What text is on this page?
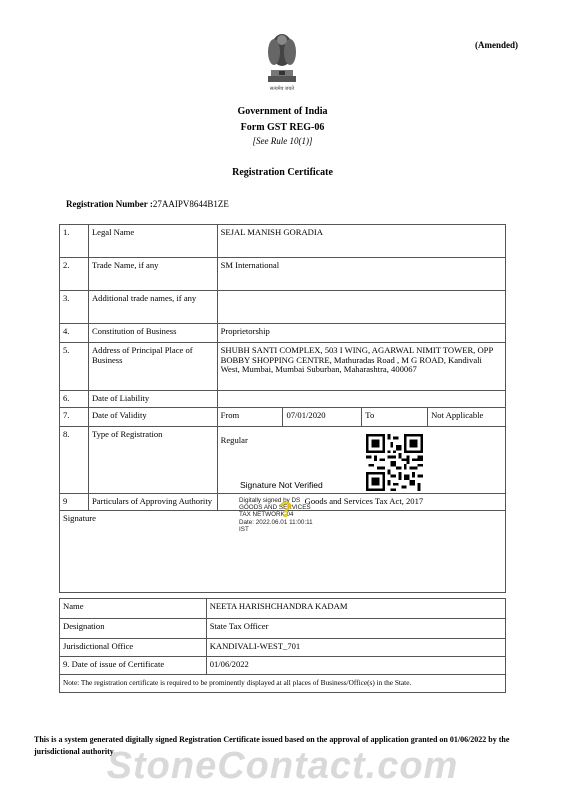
सत्यमेव जयते
(Amended)
Government of India
Form GST REG-06
[See Rule 10(1)]
Registration Certificate
Registration Number :27AAIPV8644B1ZE
1.	Legal Name	SEJAL MANISH GORADIA			
2.	Trade Name, if any	SM International			
3.	Additional trade names, if any				
4.	Constitution of Business	Proprietorship			
5.	Address of Principal Place of Business	SHUBH SANTI COMPLEX, 503 I WING, AGARWAL NIMIT TOWER, OPP BOBBY SHOPPING CENTRE, Mathuradas Road , M G ROAD, Kandivali West, Mumbai, Mumbai Suburban, Maharashtra, 400067			
6.	Date of Liability				
7.	Date of Validity	From	07/01/2020	To	Not Applicable
8.	Type of Registration	Regular			

9	Particulars of Approving Authority	Goods and Services Tax Act, 2017			
Signature					
Signature Not Verified
Digitally signed by DS
GOODS AND SERVICES
TAX NETWORK 04
Date: 2022.06.01 11:00:11
IST
?
Name	NEETA HARISHCHANDRA KADAM
Designation	State Tax Officer
Jurisdictional Office	KANDIVALI-WEST_701
9. Date of issue of Certificate	01/06/2022
Note: The registration certificate is required to be prominently displayed at all places of Business/Office(s) in the State.	
This is a system generated digitally signed Registration Certificate issued based on the approval of application granted on 01/06/2022 by the jurisdictional authority.
StoneContact.com
